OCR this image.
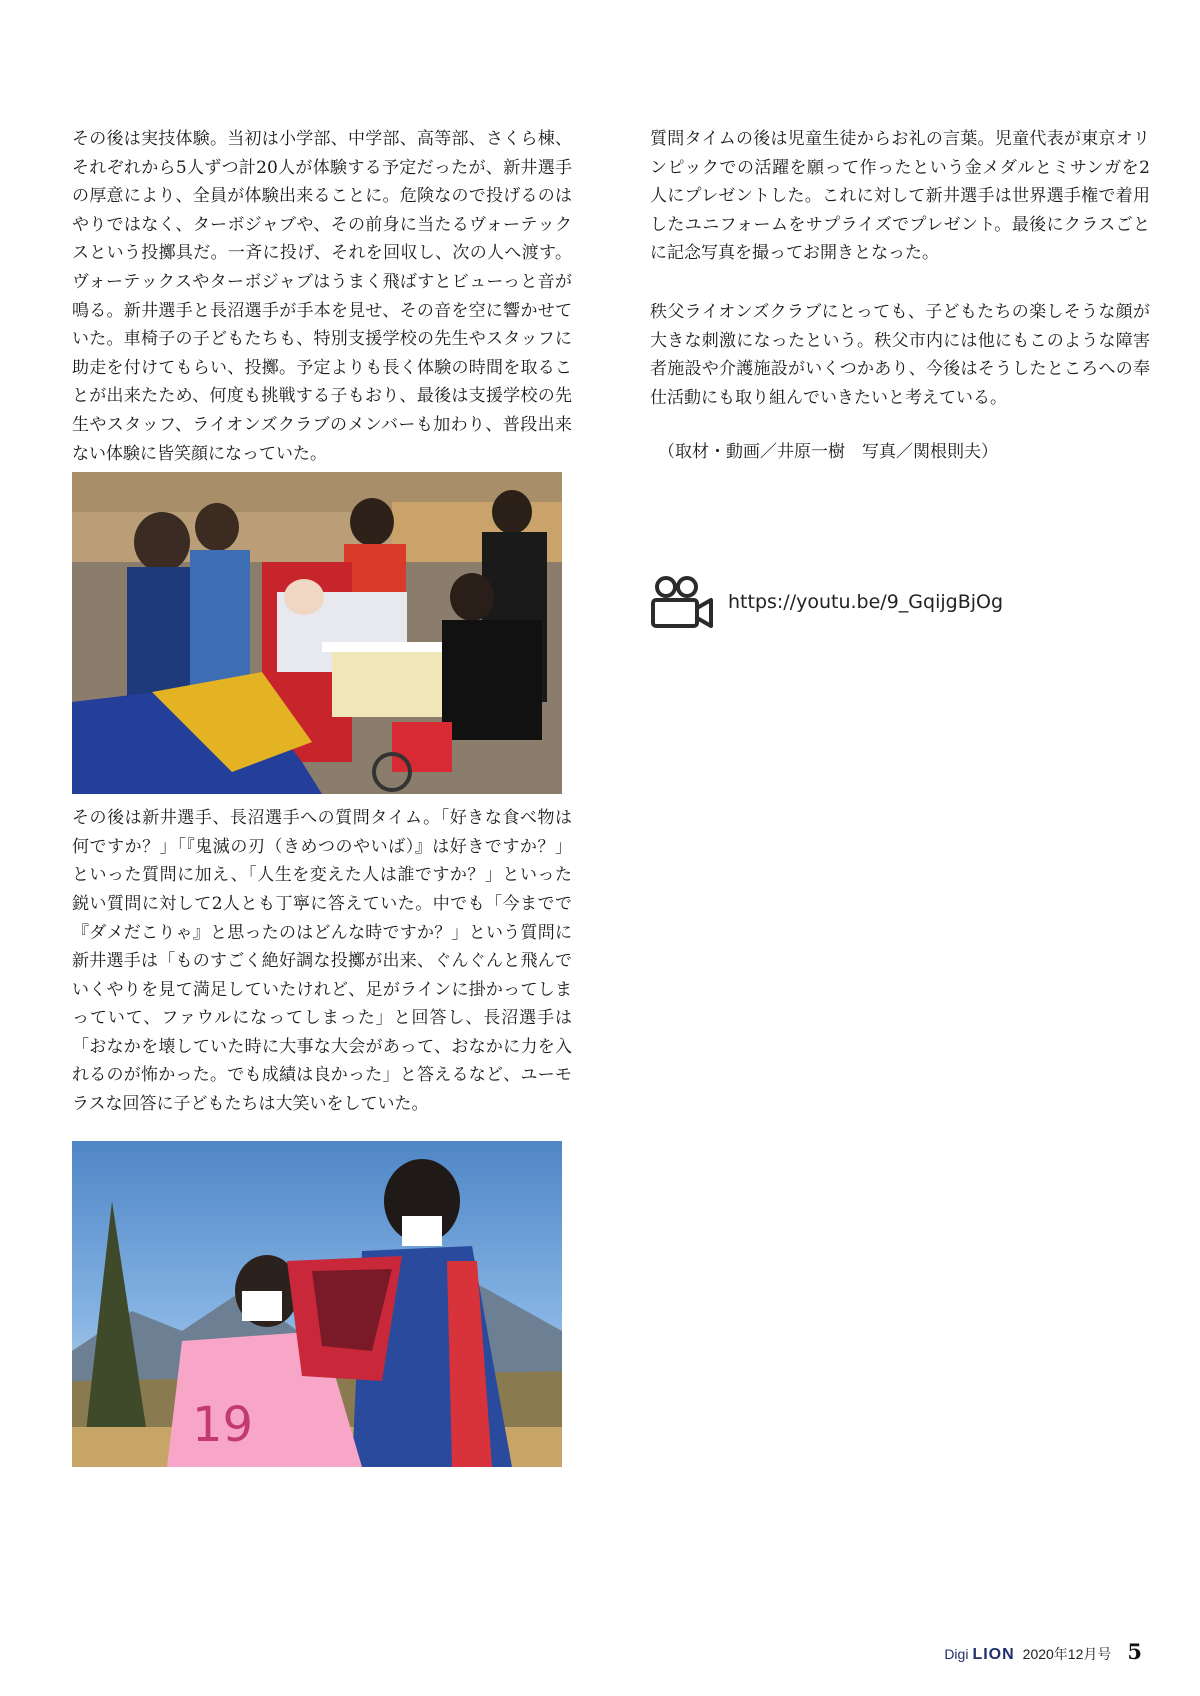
その後は実技体験。当初は小学部、中学部、高等部、さくら棟、それぞれから5人ずつ計20人が体験する予定だったが、新井選手の厚意により、全員が体験出来ることに。危険なので投げるのはやりではなく、ターボジャブや、その前身に当たるヴォーテックスという投擲具だ。一斉に投げ、それを回収し、次の人へ渡す。ヴォーテックスやターボジャブはうまく飛ばすとビューっと音が鳴る。新井選手と長沼選手が手本を見せ、その音を空に響かせていた。車椅子の子どもたちも、特別支援学校の先生やスタッフに助走を付けてもらい、投擲。予定よりも長く体験の時間を取ることが出来たため、何度も挑戦する子もおり、最後は支援学校の先生やスタッフ、ライオンズクラブのメンバーも加わり、普段出来ない体験に皆笑顔になっていた。

その後は新井選手、長沼選手への質問タイム。「好きな食べ物は何ですか？」「『鬼滅の刃（きめつのやいば）』は好きですか？」といった質問に加え、「人生を変えた人は誰ですか？」といった鋭い質問に対して2人とも丁寧に答えていた。中でも「今までで『ダメだこりゃ』と思ったのはどんな時ですか？」という質問に新井選手は「ものすごく絶好調な投擲が出来、ぐんぐんと飛んでいくやりを見て満足していたけれど、足がラインに掛かってしまっていて、ファウルになってしまった」と回答し、長沼選手は「おなかを壊していた時に大事な大会があって、おなかに力を入れるのが怖かった。でも成績は良かった」と答えるなど、ユーモラスな回答に子どもたちは大笑いをしていた。

19

質問タイムの後は児童生徒からお礼の言葉。児童代表が東京オリンピックでの活躍を願って作ったという金メダルとミサンガを2人にプレゼントした。これに対して新井選手は世界選手権で着用したユニフォームをサプライズでプレゼント。最後にクラスごとに記念写真を撮ってお開きとなった。

秩父ライオンズクラブにとっても、子どもたちの楽しそうな顔が大きな刺激になったという。秩父市内には他にもこのような障害者施設や介護施設がいくつかあり、今後はそうしたところへの奉仕活動にも取り組んでいきたいと考えている。

（取材・動画／井原一樹　写真／関根則夫）

https://youtu.be/9_GqijgBjOg
Digi LION 2020年12月号 5
